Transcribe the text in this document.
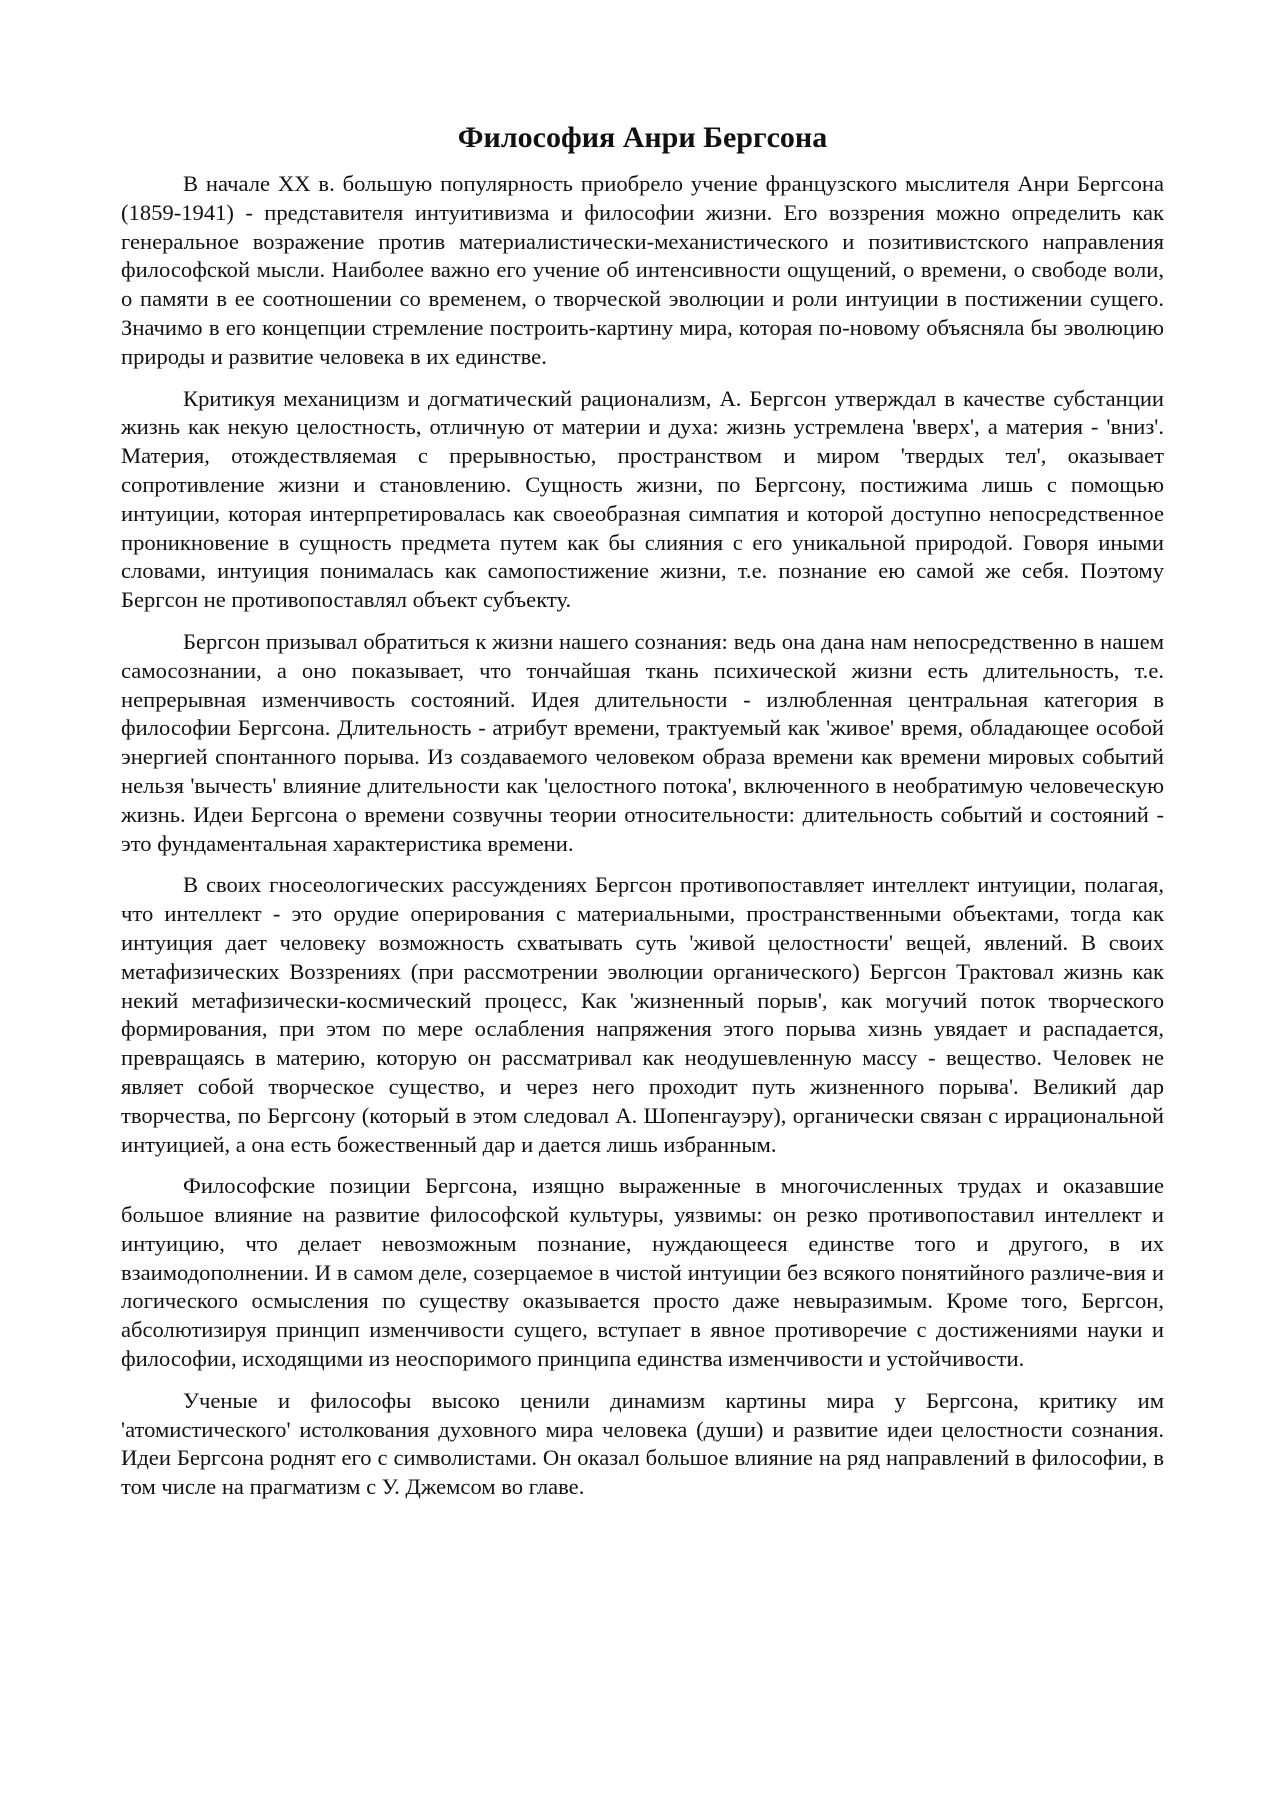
Философия Анри Бергсона

В начале XX в. большую популярность приобрело учение французского мыслителя Анри Бергсона (1859-1941) - представителя интуитивизма и философии жизни. Его воззрения можно определить как генеральное возражение против материалистически-механистического и позитивистского направления философской мысли. Наиболее важно его учение об интенсивности ощущений, о времени, о свободе воли, о памяти в ее соотношении со временем, о творческой эволюции и роли интуиции в постижении сущего. Значимо в его концепции стремление построить-картину мира, которая по-новому объясняла бы эволюцию природы и развитие человека в их единстве.

Критикуя механицизм и догматический рационализм, А. Бергсон утверждал в качестве субстанции жизнь как некую целостность, отличную от материи и духа: жизнь устремлена 'вверх', а материя - 'вниз'. Материя, отождествляемая с прерывностью, пространством и миром 'твердых тел', оказывает сопротивление жизни и становлению. Сущность жизни, по Бергсону, постижима лишь с помощью интуиции, которая интерпретировалась как своеобразная симпатия и которой доступно непосредственное проникновение в сущность предмета путем как бы слияния с его уникальной природой. Говоря иными словами, интуиция понималась как самопостижение жизни, т.е. познание ею самой же себя. Поэтому Бергсон не противопоставлял объект субъекту.

Бергсон призывал обратиться к жизни нашего сознания: ведь она дана нам непосредственно в нашем самосознании, а оно показывает, что тончайшая ткань психической жизни есть длительность, т.е. непрерывная изменчивость состояний. Идея длительности - излюбленная центральная категория в философии Бергсона. Длительность - атрибут времени, трактуемый как 'живое' время, обладающее особой энергией спонтанного порыва. Из создаваемого человеком образа времени как времени мировых событий нельзя 'вычесть' влияние длительности как 'целостного потока', включенного в необратимую человеческую жизнь. Идеи Бергсона о времени созвучны теории относительности: длительность событий и состояний - это фундаментальная характеристика времени.

В своих гносеологических рассуждениях Бергсон противопоставляет интеллект интуиции, полагая, что интеллект - это орудие оперирования с материальными, пространственными объектами, тогда как интуиция дает человеку возможность схватывать суть 'живой целостности' вещей, явлений. В своих метафизических Воззрениях (при рассмотрении эволюции органического) Бергсон Трактовал жизнь как некий метафизически-космический процесс, Как 'жизненный порыв', как могучий поток творческого формирования, при этом по мере ослабления напряжения этого порыва хизнь увядает и распадается, превращаясь в материю, которую он рассматривал как неодушевленную массу - вещество. Человек не являет собой творческое существо, и через него проходит путь жизненного порыва'. Великий дар творчества, по Бергсону (который в этом следовал А. Шопенгауэру), органически связан с иррациональной интуицией, а она есть божественный дар и дается лишь избранным.

Философские позиции Бергсона, изящно выраженные в многочисленных трудах и оказавшие большое влияние на развитие философской культуры, уязвимы: он резко противопоставил интеллект и интуицию, что делает невозможным познание, нуждающееся единстве того и другого, в их взаимодополнении. И в самом деле, созерцаемое в чистой интуиции без всякого понятийного различе-вия и логического осмысления по существу оказывается просто даже невыразимым. Кроме того, Бергсон, абсолютизируя принцип изменчивости сущего, вступает в явное противоречие с достижениями науки и философии, исходящими из неоспоримого принципа единства изменчивости и устойчивости.

Ученые и философы высоко ценили динамизм картины мира у Бергсона, критику им 'атомистического' истолкования духовного мира человека (души) и развитие идеи целостности сознания. Идеи Бергсона роднят его с символистами. Он оказал большое влияние на ряд направлений в философии, в том числе на прагматизм с У. Джемсом во главе.
